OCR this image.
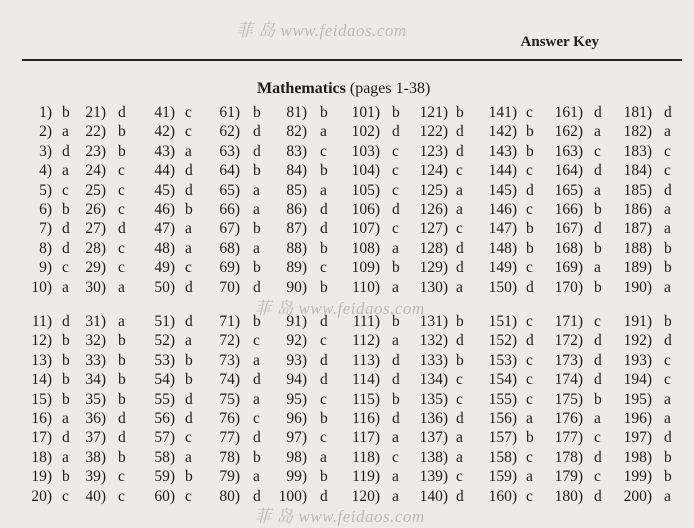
菲 岛 www.feidaos.com
Answer Key
Mathematics (pages 1-38)
菲 岛 www.feidaos.com
菲 岛 www.feidaos.com
1) b
11) d
2) a
12) b
3) d
13) b
4) a
14) b
5) c
15) b
6) b
16) a
7) d
17) d
8) d
18) a
9) c
19) b
10) a
20) c
21) d
31) a
22) b
32) b
23) b
33) b
24) c
34) b
25) c
35) b
26) c
36) d
27) d
37) d
28) c
38) b
29) c
39) c
30) a
40) c
41) c
51) d
42) c
52) a
43) a
53) b
44) d
54) b
45) d
55) d
46) b
56) d
47) a
57) c
48) a
58) a
49) c
59) b
50) d
60) c
61) b
71) b
62) d
72) c
63) d
73) a
64) b
74) d
65) a
75) a
66) a
76) c
67) b
77) d
68) a
78) b
69) b
79) a
70) d
80) d
81) b
91) d
82) a
92) c
83) c
93) d
84) b
94) d
85) a
95) c
86) d
96) b
87) d
97) c
88) b
98) a
89) c
99) b
90) b
100) d
101) b
111) b
102) d
112) a
103) c
113) d
104) c
114) d
105) c
115) b
106) d
116) d
107) c
117) a
108) a
118) c
109) b
119) a
110) a
120) a
121) b
131) b
122) d
132) d
123) d
133) b
124) c
134) c
125) a
135) c
126) a
136) d
127) c
137) a
128) d
138) a
129) d
139) c
130) a
140) d
141) c
151) c
142) b
152) d
143) b
153) c
144) c
154) c
145) d
155) c
146) c
156) a
147) b
157) b
148) b
158) c
149) c
159) a
150) d
160) c
161) d
171) c
162) a
172) d
163) c
173) d
164) d
174) d
165) a
175) b
166) b
176) a
167) d
177) c
168) b
178) d
169) a
179) c
170) b
180) d
181) d
191) b
182) a
192) d
183) c
193) c
184) c
194) c
185) d
195) a
186) a
196) a
187) a
197) d
188) b
198) b
189) b
199) b
190) a
200) a
